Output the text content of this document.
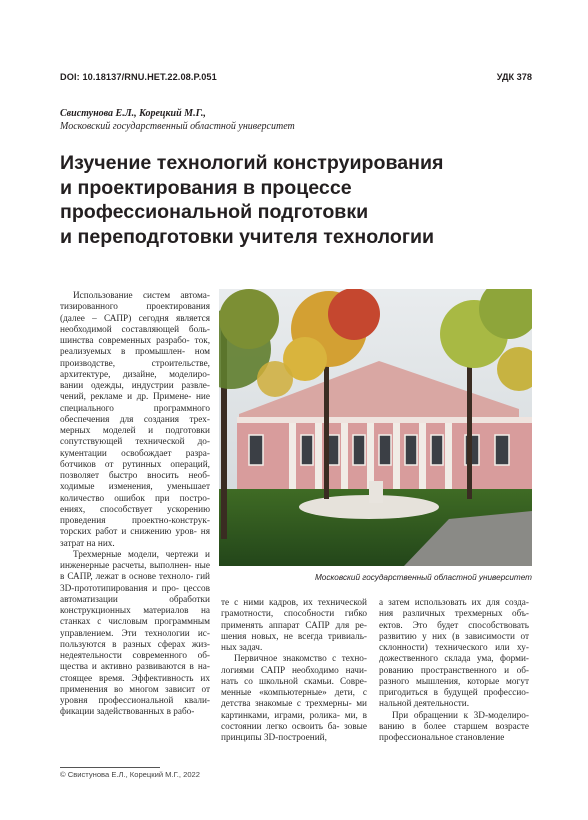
DOI: 10.18137/RNU.HET.22.08.P.051	УДК 378
Свистунова Е.Л., Корецкий М.Г.,
Московский государственный областной университет
Изучение технологий конструирования
и проектирования в процессе
профессиональной подготовки
и переподготовки учителя технологии

Использование систем автома- тизированного проектирования (далее – САПР) сегодня является необходимой составляющей боль- шинства современных разрабо- ток, реализуемых в промышлен- ном производстве, строительстве, архитектуре, дизайне, моделиро- вании одежды, индустрии развле- чений, рекламе и др. Примене- ние специального программного обеспечения для создания трех- мерных моделей и подготовки сопутствующей технической до- кументации освобождает разра- ботчиков от рутинных операций, позволяет быстро вносить необ- ходимые изменения, уменьшает количество ошибок при постро- ениях, способствует ускорению проведения проектно-конструк- торских работ и снижению уров- ня затрат на них.

Трехмерные модели, чертежи и инженерные расчеты, выполнен- ные в САПР, лежат в основе техноло- гий 3D-прототипирования и про- цессов автоматизации обработки конструкционных материалов на станках с числовым программным управлением. Эти технологии ис- пользуются в разных сферах жиз- недеятельности современного об- щества и активно развиваются в на- стоящее время. Эффективность их применения во многом зависит от уровня профессиональной квали- фикации задействованных в рабо-

Московский государственный областной университет

те с ними кадров, их технической грамотности, способности гибко применять аппарат САПР для ре- шения новых, не всегда тривиаль- ных задач.

Первичное знакомство с техно- логиями САПР необходимо начи- нать со школьной скамьи. Совре- менные «компьютерные» дети, с детства знакомые с трехмерны- ми картинками, играми, роликa- ми, в состоянии легко освоить ба- зовые принципы 3D-построений,

а затем использовать их для созда- ния различных трехмерных объ- ектов. Это будет способствовать развитию у них (в зависимости от склонности) технического или ху- дожественного склада ума, форми- рованию пространственного и об- разного мышления, которые могут пригодиться в будущей профессио- нальной деятельности.

При обращении к 3D-моделиро- ванию в более старшем возрасте профессиональное становление

© Свистунова Е.Л., Корецкий М.Г., 2022
